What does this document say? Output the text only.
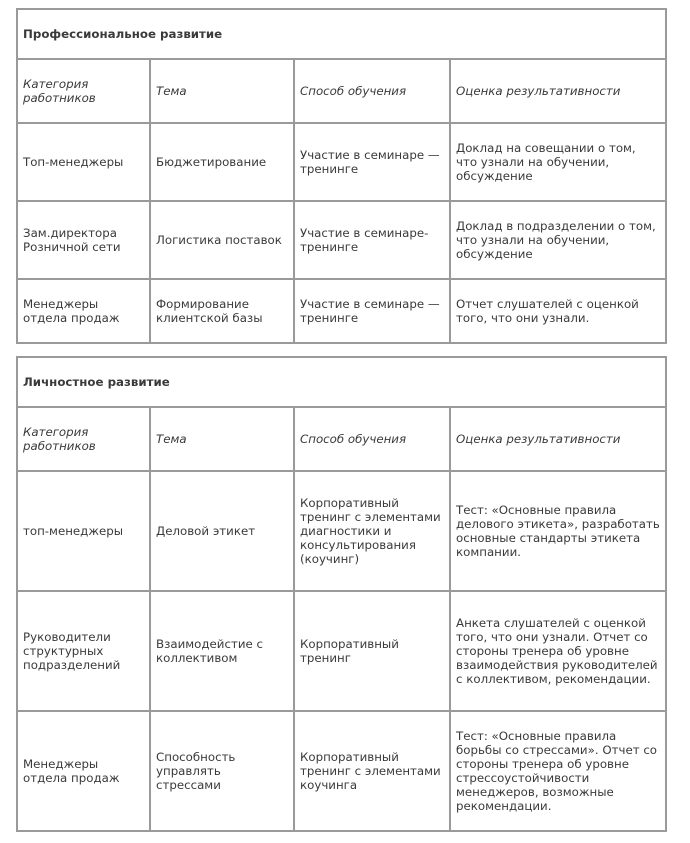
Профессиональное развитие			
Категория работников	Тема	Способ обучения	Оценка результативности
Топ-менеджеры	Бюджетирование	Участие в семинаре — тренинге	Доклад на совещании о том, что узнали на обучении, обсуждение
Зам.директора Розничной сети	Логистика поставок	Участие в семинаре-тренинге	Доклад в подразделении о том, что узнали на обучении, обсуждение
Менеджеры отдела продаж	Формирование клиентской базы	Участие в семинаре — тренинге	Отчет слушателей с оценкой того, что они узнали.
Личностное развитие			
Категория работников	Тема	Способ обучения	Оценка результативности
топ-менеджеры	Деловой этикет	Корпоративный тренинг с элементами диагностики и консультирования (коучинг)	Тест: «Основные правила делового этикета», разработать основные стандарты этикета компании.
Руководители структурных подразделений	Взаимодейстие с коллективом	Корпоративный тренинг	Анкета слушателей с оценкой того, что они узнали. Отчет со стороны тренера об уровне взаимодействия руководителей с коллективом, рекомендации.
Менеджеры отдела продаж	Способность управлять стрессами	Корпоративный тренинг с элементами коучинга	Тест: «Основные правила борьбы со стрессами». Отчет со стороны тренера об уровне стрессоустойчивости менеджеров, возможные рекомендации.
